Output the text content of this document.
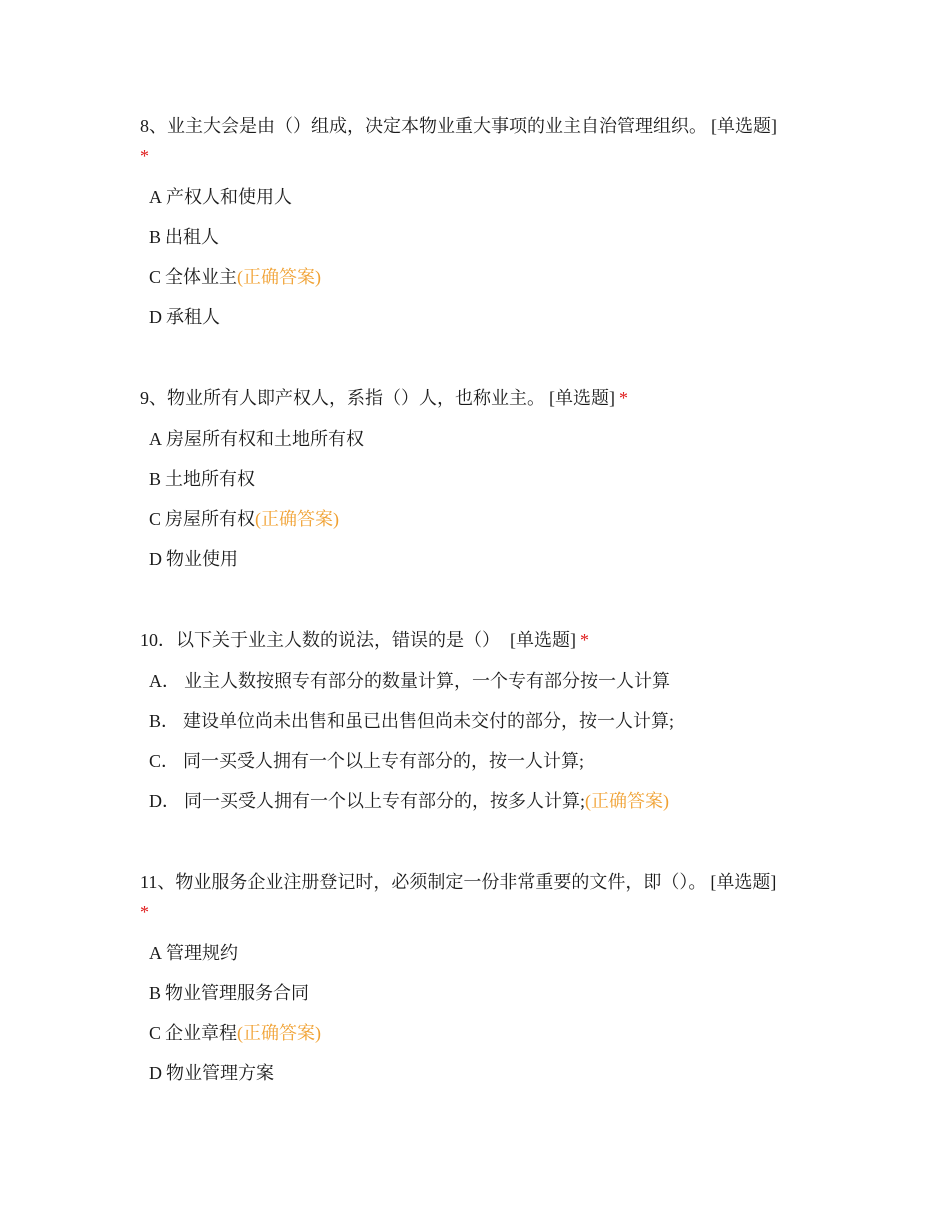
8、业主大会是由（）组成，决定本物业重大事项的业主自治管理组织。 [单选题]
*

A 产权人和使用人
B 出租人
C 全体业主(正确答案)
D 承租人

9、物业所有人即产权人，系指（）人，也称业主。 [单选题] *

A 房屋所有权和土地所有权
B 土地所有权
C 房屋所有权(正确答案)
D 物业使用

10．以下关于业主人数的说法，错误的是（） [单选题] *

A． 业主人数按照专有部分的数量计算，一个专有部分按一人计算
B． 建设单位尚未出售和虽已出售但尚未交付的部分，按一人计算;
C． 同一买受人拥有一个以上专有部分的，按一人计算;
D． 同一买受人拥有一个以上专有部分的，按多人计算;(正确答案)

11、物业服务企业注册登记时，必须制定一份非常重要的文件，即（）。 [单选题]
*

A 管理规约
B 物业管理服务合同
C 企业章程(正确答案)
D 物业管理方案
